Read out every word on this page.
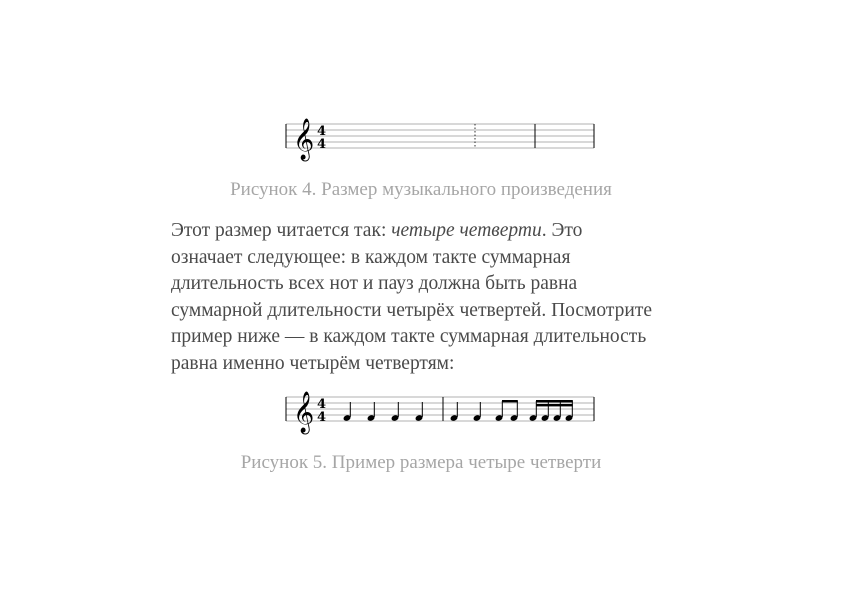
𝄞 4
4
Рисунок 4. Размер музыкального произведения
Этот размер читается так: четыре четверти. Это
означает следующее: в каждом такте суммарная
длительность всех нот и пауз должна быть равна
суммарной длительности четырёх четвертей. Посмотрите
пример ниже — в каждом такте суммарная длительность
равна именно четырём четвертям:
𝄞 4
4
Рисунок 5. Пример размера четыре четверти
